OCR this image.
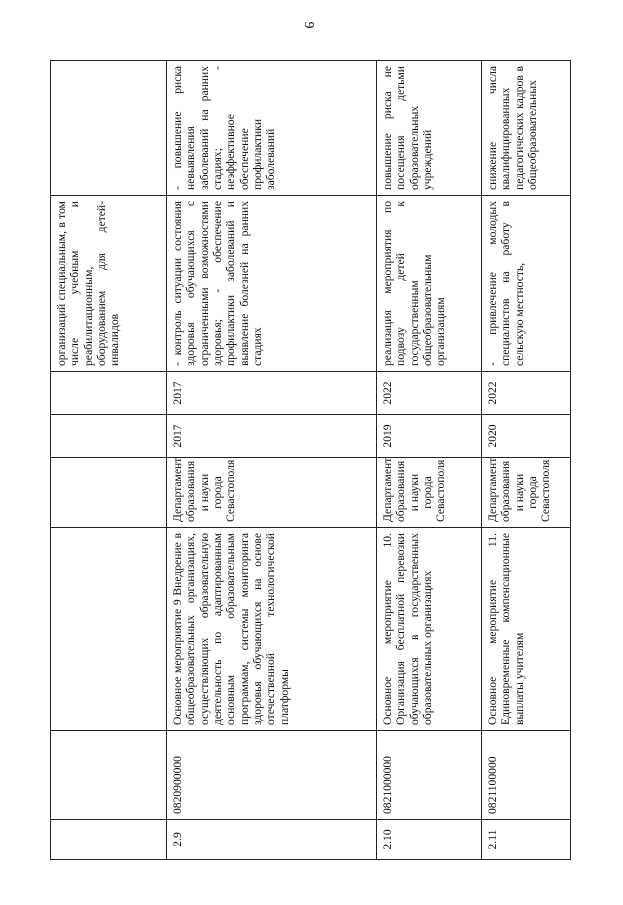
9
						организаций специальным, в том числе учебным и реабилитационным, оборудованием для детей-инвалидов	
2.9	0820900000	Основное мероприятие 9 Внедрение в общеобразовательных организациях, осуществляющих образовательную деятельность по адаптированным основным образовательным программам, системы мониторинга здоровья обучающихся на основе отечественной технологической платформы	Департамент образования и науки города Севастополя	2017	2017	- контроль ситуации состояния здоровья обучающихся с ограниченными возможностями здоровья; - обеспечение профилактики заболеваний и выявление болезней на ранних стадиях	- повышение риска невыявления заболеваний на ранних стадиях; - неэффективное обеспечение профилактики заболеваний
2.10	0821000000	Основное мероприятие 10. Организация бесплатной перевозки обучающихся в государственных образовательных организациях	Департамент образования и науки города Севастополя	2019	2022	реализация мероприятия по подвозу детей к государственным общеобразовательным организациям	повышение риска не посещения детьми образовательных учреждений
2.11	0821100000	Основное мероприятие 11. Единовременные компенсационные выплаты учителям	Департамент образования и науки города Севастополя	2020	2022	- привлечение молодых специалистов на работу в сельскую местность,	снижение числа квалифицированных педагогических кадров в общеобразовательных
